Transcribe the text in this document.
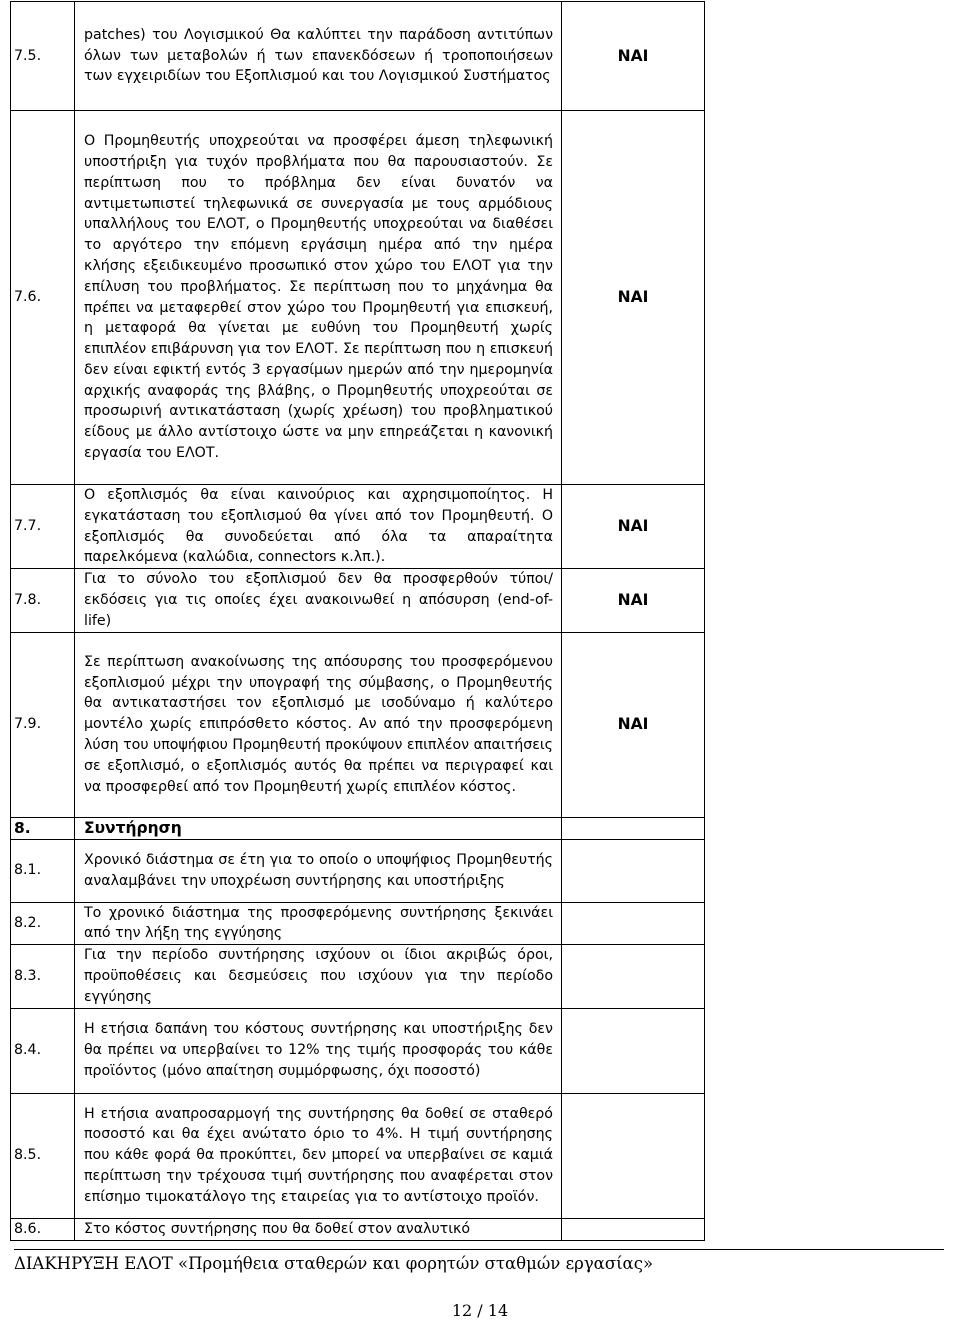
7.5.	patches) του Λογισμικού Θα καλύπτει την παράδοση αντιτύπων όλων των μεταβολών ή των επανεκδόσεων ή τροποποιήσεων των εγχειριδίων του Εξοπλισμού και του Λογισμικού Συστήματος	ΝΑΙ
7.6.	Ο Προμηθευτής υποχρεούται να προσφέρει άμεση τηλεφωνική υποστήριξη για τυχόν προβλήματα που θα παρουσιαστούν. Σε περίπτωση που το πρόβλημα δεν είναι δυνατόν να αντιμετωπιστεί τηλεφωνικά σε συνεργασία με τους αρμόδιους υπαλλήλους του ΕΛΟΤ, ο Προμηθευτής υποχρεούται να διαθέσει το αργότερο την επόμενη εργάσιμη ημέρα από την ημέρα κλήσης εξειδικευμένο προσωπικό στον χώρο του ΕΛΟΤ για την επίλυση του προβλήματος. Σε περίπτωση που το μηχάνημα θα πρέπει να μεταφερθεί στον χώρο του Προμηθευτή για επισκευή, η μεταφορά θα γίνεται με ευθύνη του Προμηθευτή χωρίς επιπλέον επιβάρυνση για τον ΕΛΟΤ. Σε περίπτωση που η επισκευή δεν είναι εφικτή εντός 3 εργασίμων ημερών από την ημερομηνία αρχικής αναφοράς της βλάβης, ο Προμηθευτής υποχρεούται σε προσωρινή αντικατάσταση (χωρίς χρέωση) του προβληματικού είδους με άλλο αντίστοιχο ώστε να μην επηρεάζεται η κανονική εργασία του ΕΛΟΤ.	ΝΑΙ
7.7.	Ο εξοπλισμός θα είναι καινούριος και αχρησιμοποίητος. Η εγκατάσταση του εξοπλισμού θα γίνει από τον Προμηθευτή. Ο εξοπλισμός θα συνοδεύεται από όλα τα απαραίτητα παρελκόμενα (καλώδια, connectors κ.λπ.).	ΝΑΙ
7.8.	Για το σύνολο του εξοπλισμού δεν θα προσφερθούν τύποι/ εκδόσεις για τις οποίες έχει ανακοινωθεί η απόσυρση (end-of-life)	ΝΑΙ
7.9.	Σε περίπτωση ανακοίνωσης της απόσυρσης του προσφερόμενου εξοπλισμού μέχρι την υπογραφή της σύμβασης, ο Προμηθευτής θα αντικαταστήσει τον εξοπλισμό με ισοδύναμο ή καλύτερο μοντέλο χωρίς επιπρόσθετο κόστος. Αν από την προσφερόμενη λύση του υποψήφιου Προμηθευτή προκύψουν επιπλέον απαιτήσεις σε εξοπλισμό, ο εξοπλισμός αυτός θα πρέπει να περιγραφεί και να προσφερθεί από τον Προμηθευτή χωρίς επιπλέον κόστος.	ΝΑΙ
8.	Συντήρηση	
8.1.	Χρονικό διάστημα σε έτη για το οποίο ο υποψήφιος Προμηθευτής αναλαμβάνει την υποχρέωση συντήρησης και υποστήριξης	
8.2.	Το χρονικό διάστημα της προσφερόμενης συντήρησης ξεκινάει από την λήξη της εγγύησης	
8.3.	Για την περίοδο συντήρησης ισχύουν οι ίδιοι ακριβώς όροι, προϋποθέσεις και δεσμεύσεις που ισχύουν για την περίοδο εγγύησης	
8.4.	Η ετήσια δαπάνη του κόστους συντήρησης και υποστήριξης δεν θα πρέπει να υπερβαίνει το 12% της τιμής προσφοράς του κάθε προϊόντος (μόνο απαίτηση συμμόρφωσης, όχι ποσοστό)	
8.5.	Η ετήσια αναπροσαρμογή της συντήρησης θα δοθεί σε σταθερό ποσοστό και θα έχει ανώτατο όριο το 4%. Η τιμή συντήρησης που κάθε φορά θα προκύπτει, δεν μπορεί να υπερβαίνει σε καμιά περίπτωση την τρέχουσα τιμή συντήρησης που αναφέρεται στον επίσημο τιμοκατάλογο της εταιρείας για το αντίστοιχο προϊόν.	
8.6.	Στο κόστος συντήρησης που θα δοθεί στον αναλυτικό	
ΔΙΑΚΗΡΥΞΗ ΕΛΟΤ «Προμήθεια σταθερών και φορητών σταθμών εργασίας»
12 / 14
